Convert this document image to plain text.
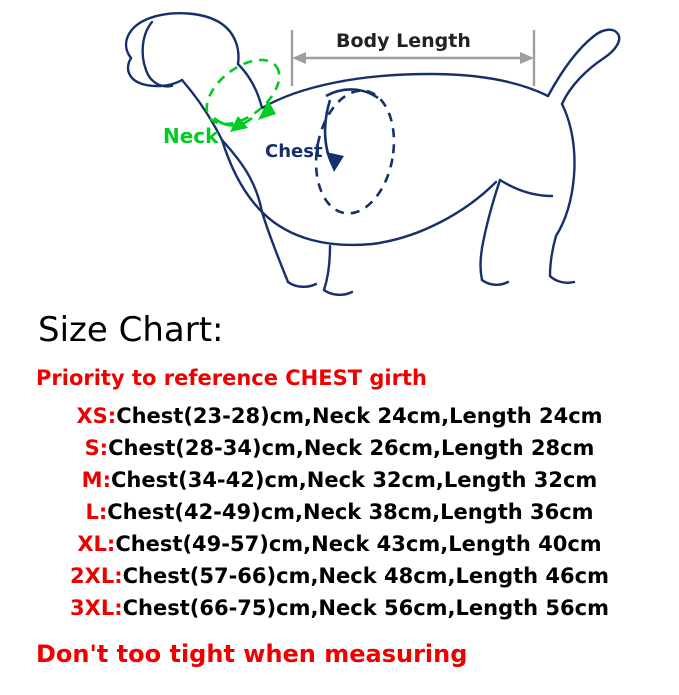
Body Length
Neck
Chest
Size Chart:
Priority to reference CHEST girth
XS: Chest(23-28)cm,Neck 24cm,Length 24cm
S: Chest(28-34)cm,Neck 26cm,Length 28cm
M: Chest(34-42)cm,Neck 32cm,Length 32cm
L: Chest(42-49)cm,Neck 38cm,Length 36cm
XL: Chest(49-57)cm,Neck 43cm,Length 40cm
2XL: Chest(57-66)cm,Neck 48cm,Length 46cm
3XL: Chest(66-75)cm,Neck 56cm,Length 56cm
Don't too tight when measuring
